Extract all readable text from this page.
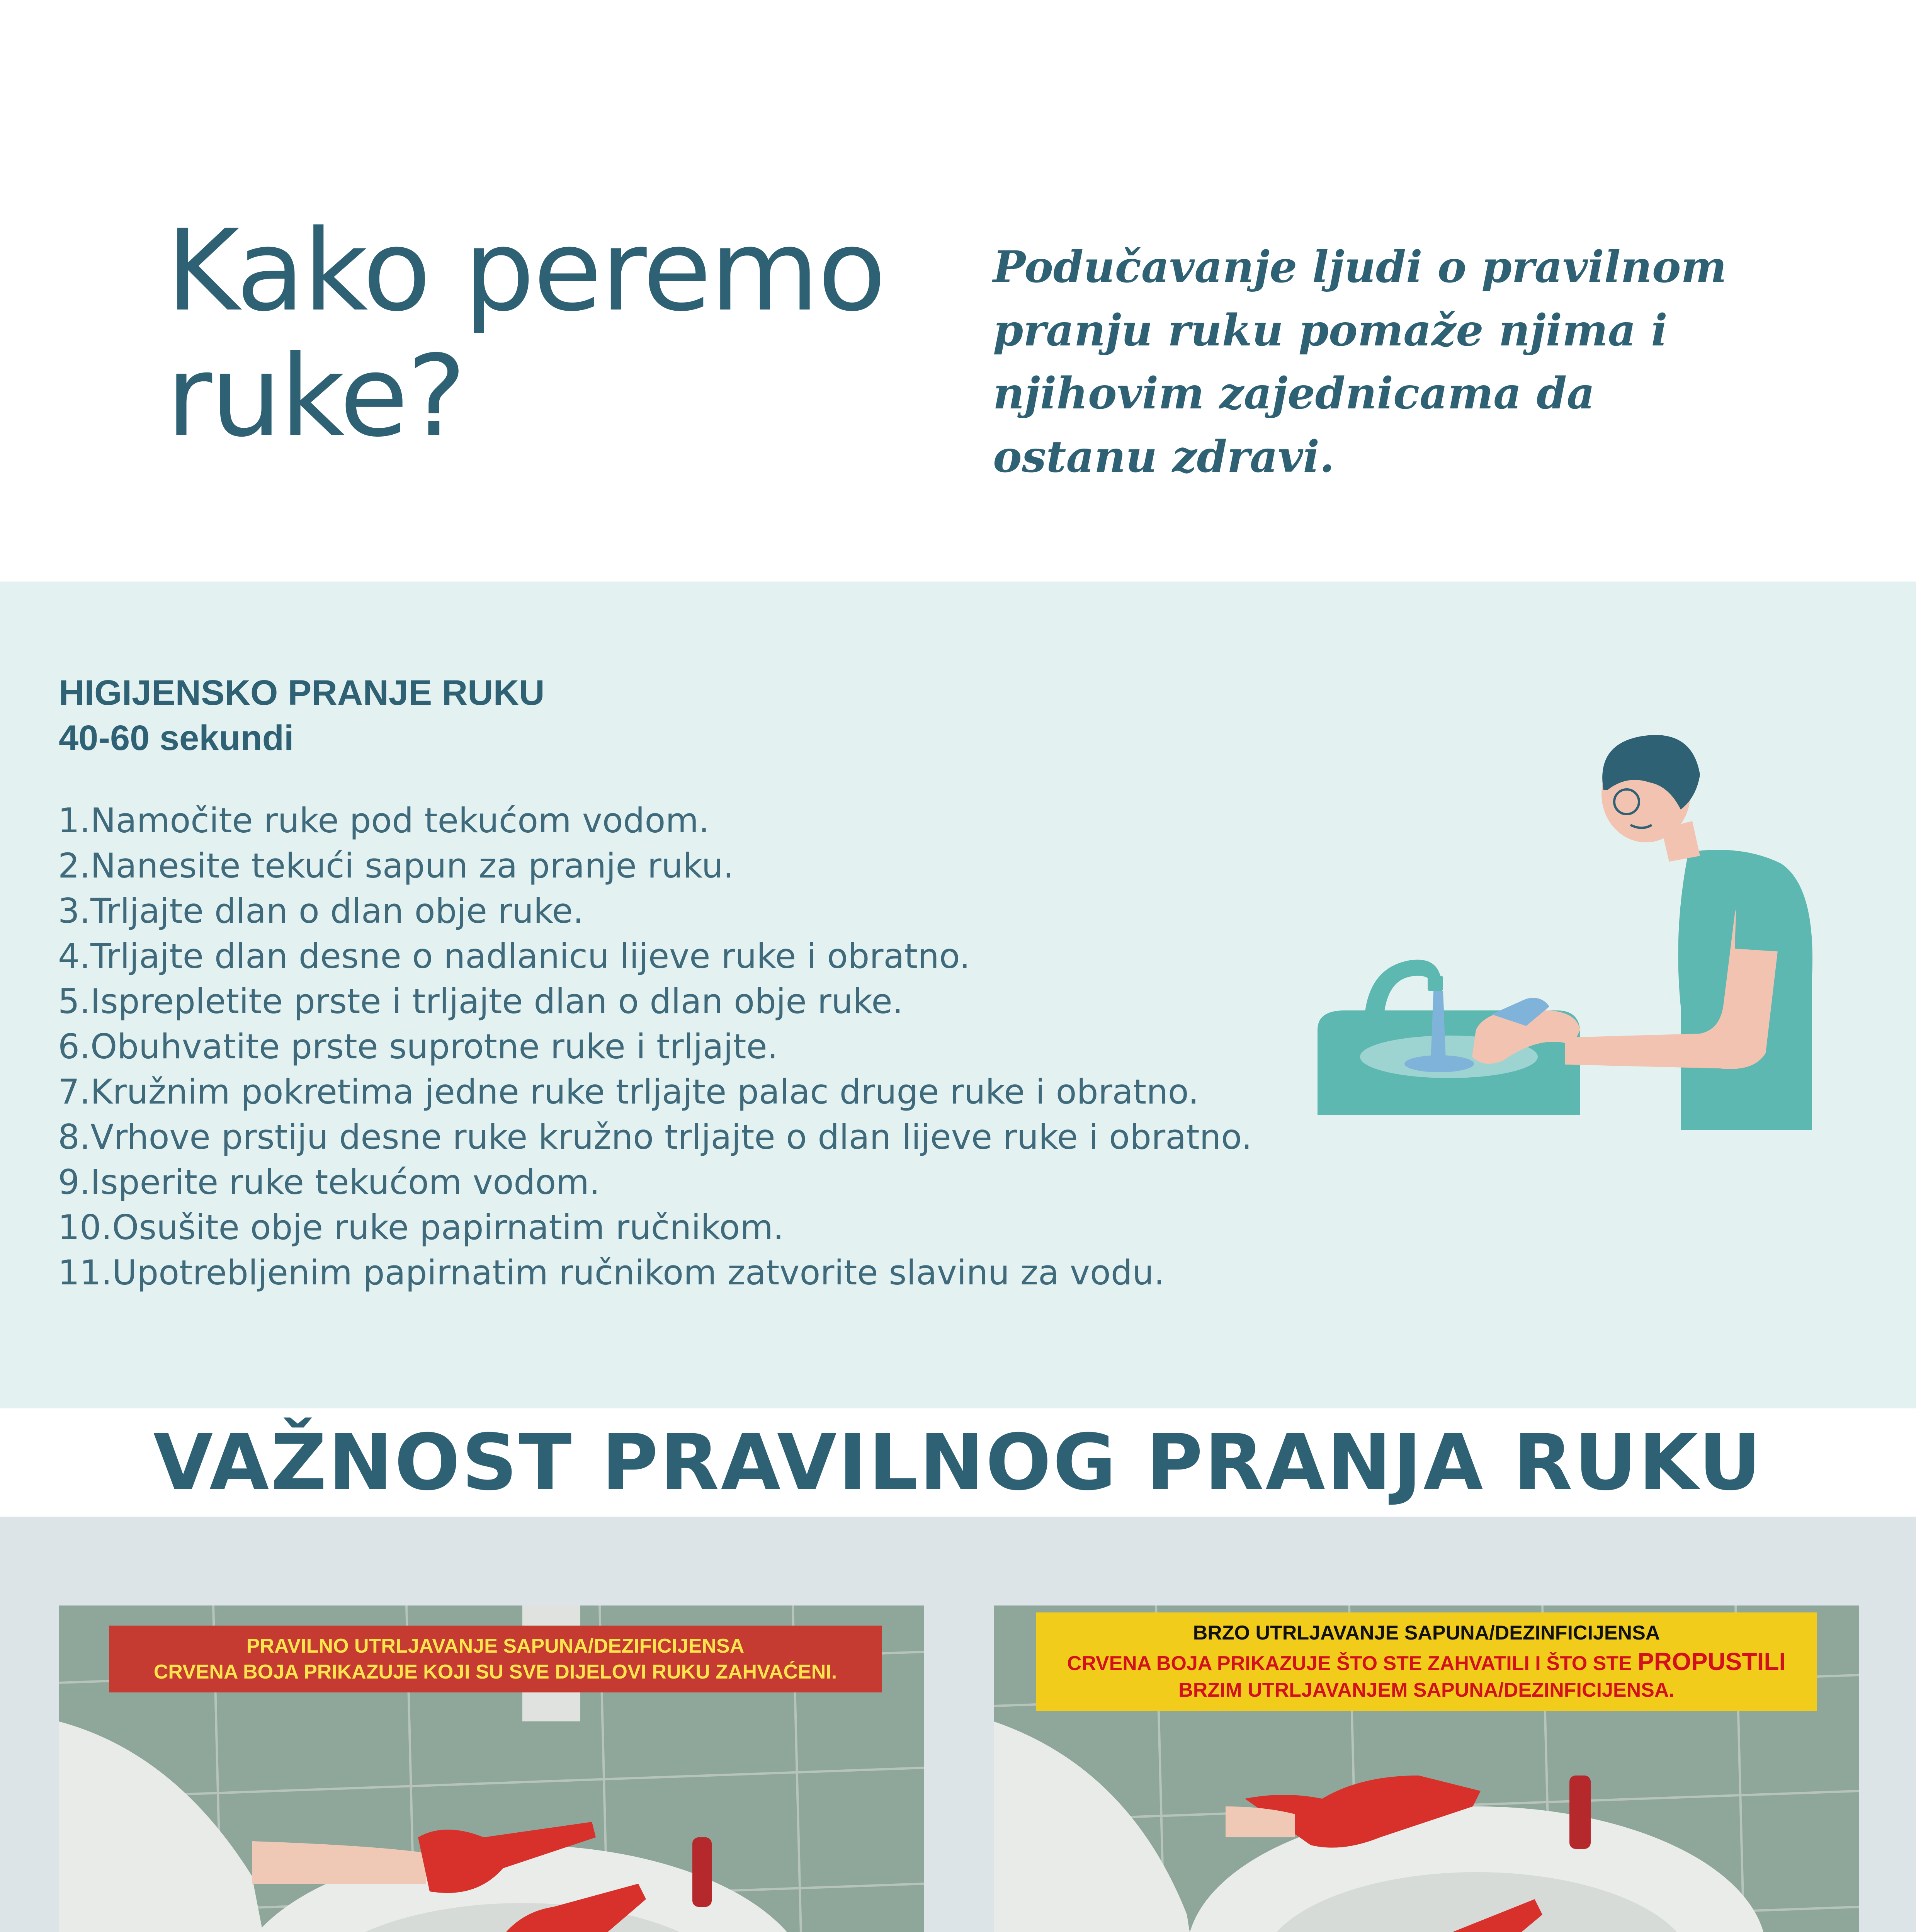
Kako peremo ruke?

Podučavanje ljudi o pravilnom pranju ruku pomaže njima i njihovim zajednicama da ostanu zdravi.

HIGIJENSKO PRANJE RUKU
40-60 sekundi
1.Namočite ruke pod tekućom vodom.
2.Nanesite tekući sapun za pranje ruku.
3.Trljajte dlan o dlan obje ruke.
4.Trljajte dlan desne o nadlanicu lijeve ruke i obratno.
5.Isprepletite prste i trljajte dlan o dlan obje ruke.
6.Obuhvatite prste suprotne ruke i trljajte.
7.Kružnim pokretima jedne ruke trljajte palac druge ruke i obratno.
8.Vrhove prstiju desne ruke kružno trljajte o dlan lijeve ruke i obratno.
9.Isperite ruke tekućom vodom.
10.Osušite obje ruke papirnatim ručnikom.
11.Upotrebljenim papirnatim ručnikom zatvorite slavinu za vodu.
VAŽNOST PRAVILNOG PRANJA RUKU
PRAVILNO UTRLJAVANJE SAPUNA/DEZIFICIJENSA
CRVENA BOJA PRIKAZUJE KOJI SU SVE DIJELOVI RUKU ZAHVAĆENI.
BRZO UTRLJAVANJE SAPUNA/DEZINFICIJENSA
CRVENA BOJA PRIKAZUJE ŠTO STE ZAHVATILI I ŠTO STE PROPUSTILI
BRZIM UTRLJAVANJEM SAPUNA/DEZINFICIJENSA.
